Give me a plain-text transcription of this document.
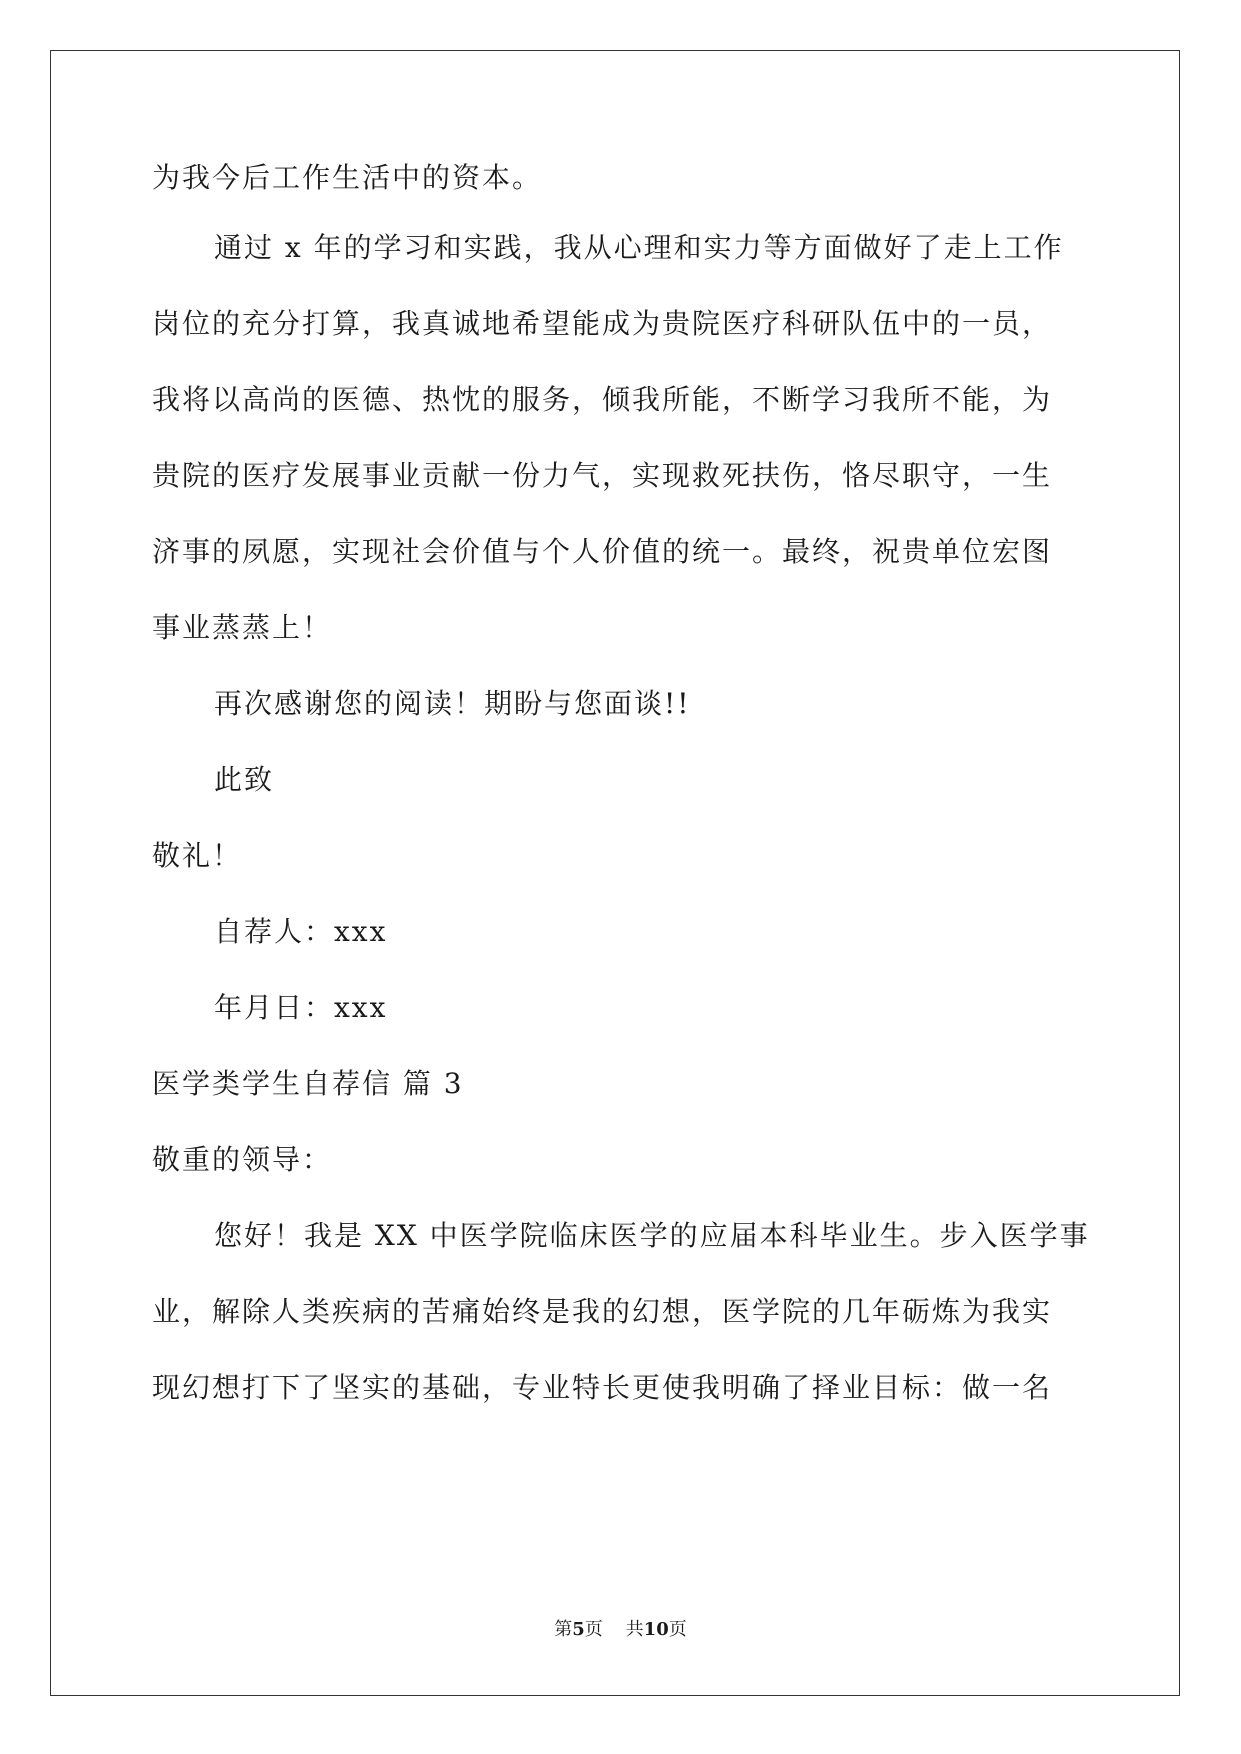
为我今后工作生活中的资本。
通过 x 年的学习和实践，我从心理和实力等方面做好了走上工作
岗位的充分打算，我真诚地希望能成为贵院医疗科研队伍中的一员，
我将以高尚的医德、热忱的服务，倾我所能，不断学习我所不能，为
贵院的医疗发展事业贡献一份力气，实现救死扶伤，恪尽职守，一生
济事的夙愿，实现社会价值与个人价值的统一。最终，祝贵单位宏图
事业蒸蒸上！
再次感谢您的阅读！期盼与您面谈!!
此致
敬礼！
自荐人：xxx
年月日：xxx
医学类学生自荐信 篇 3
敬重的领导：
您好！我是 XX 中医学院临床医学的应届本科毕业生。步入医学事
业，解除人类疾病的苦痛始终是我的幻想，医学院的几年砺炼为我实
现幻想打下了坚实的基础，专业特长更使我明确了择业目标：做一名
第5页    共10页
